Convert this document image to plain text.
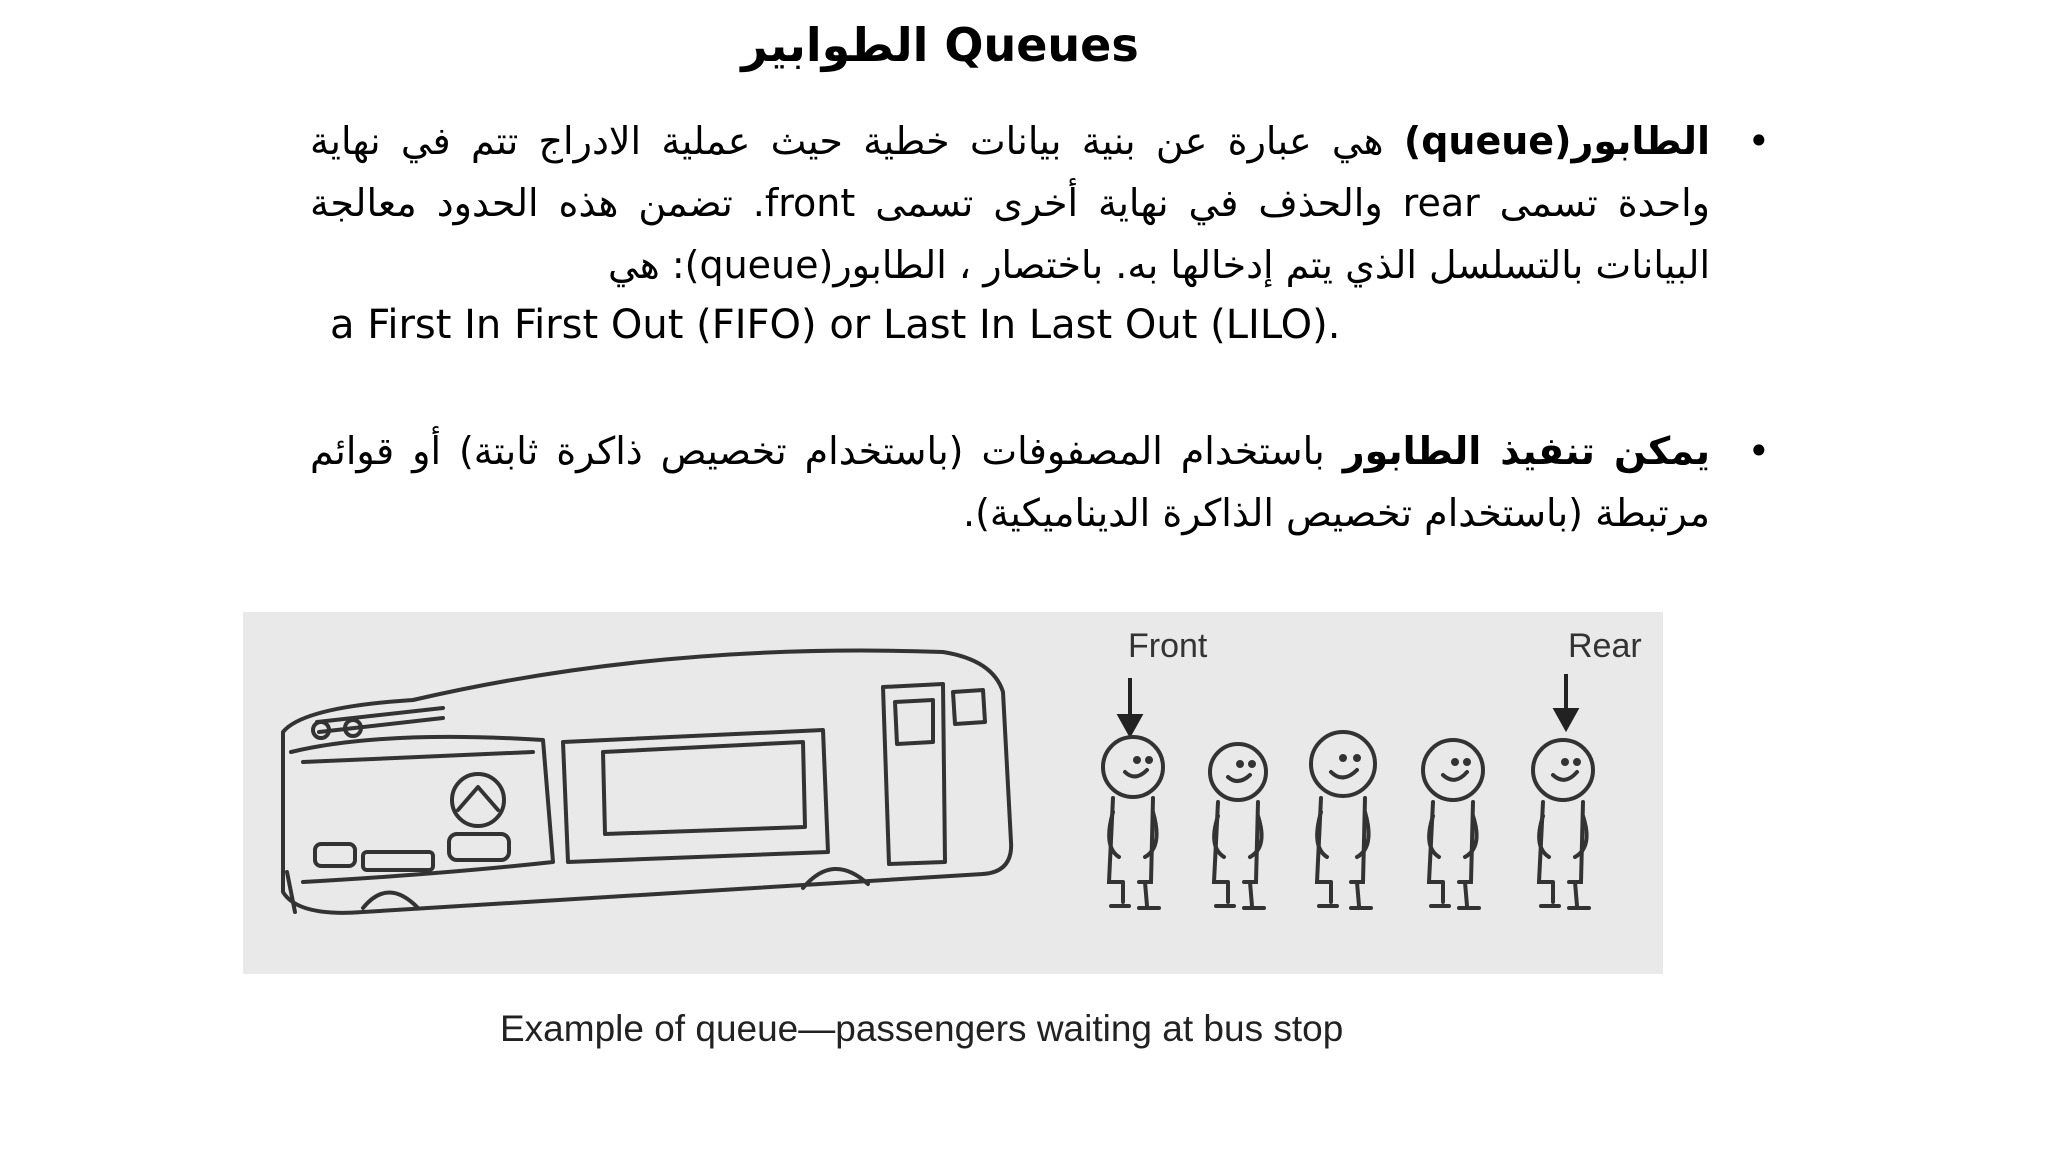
الطوابير Queues
•
الطابور(queue) هي عبارة عن بنية بيانات خطية حيث عملية الادراج تتم في نهاية واحدة تسمى rear والحذف في نهاية أخرى تسمى front. تضمن هذه الحدود معالجة البيانات بالتسلسل الذي يتم إدخالها به. باختصار ، الطابور(queue): هي
a First In First Out (FIFO) or Last In Last Out (LILO).
•
يمكن تنفيذ الطابور باستخدام المصفوفات (باستخدام تخصيص ذاكرة ثابتة) أو قوائم مرتبطة (باستخدام تخصيص الذاكرة الديناميكية).
Front	Rear
Example of queue—passengers waiting at bus stop
